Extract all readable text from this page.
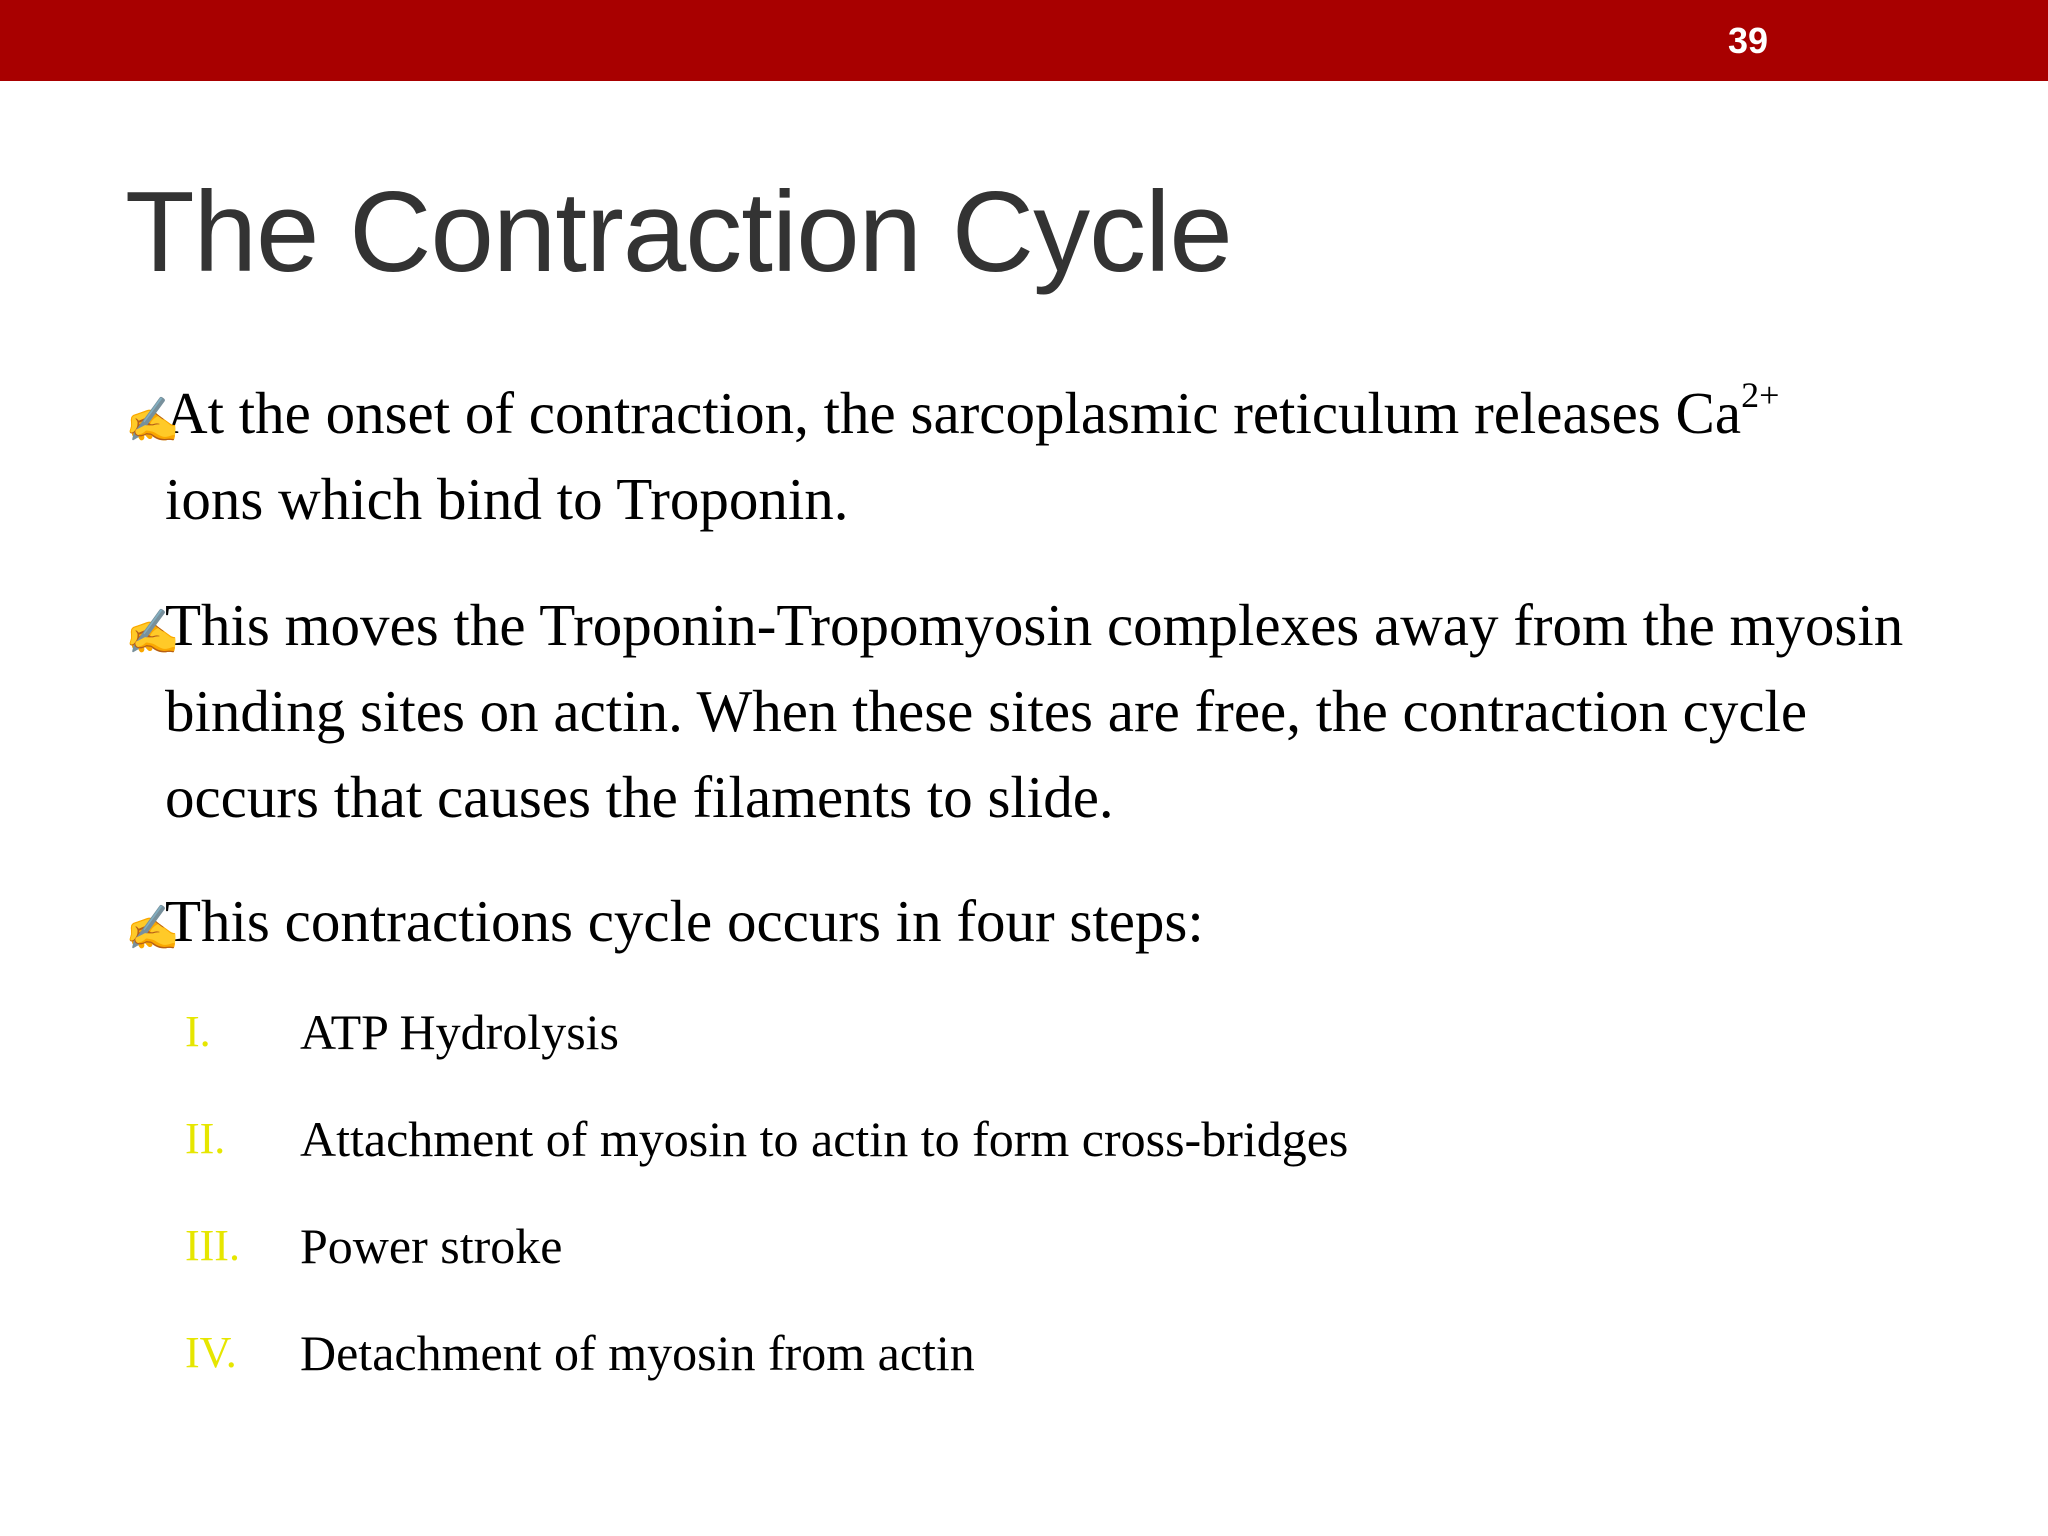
39
The Contraction Cycle
✍
At the onset of contraction, the sarcoplasmic reticulum releases $Ca^{2+}$
ions which bind to Troponin.
✍
This moves the Troponin-Tropomyosin complexes away from the myosin binding sites on actin. When these sites are free, the contraction cycle occurs that causes the filaments to slide.
✍
This contractions cycle occurs in four steps:
I. ATP Hydrolysis
II. Attachment of myosin to actin to form cross-bridges
III. Power stroke
IV. Detachment of myosin from actin
